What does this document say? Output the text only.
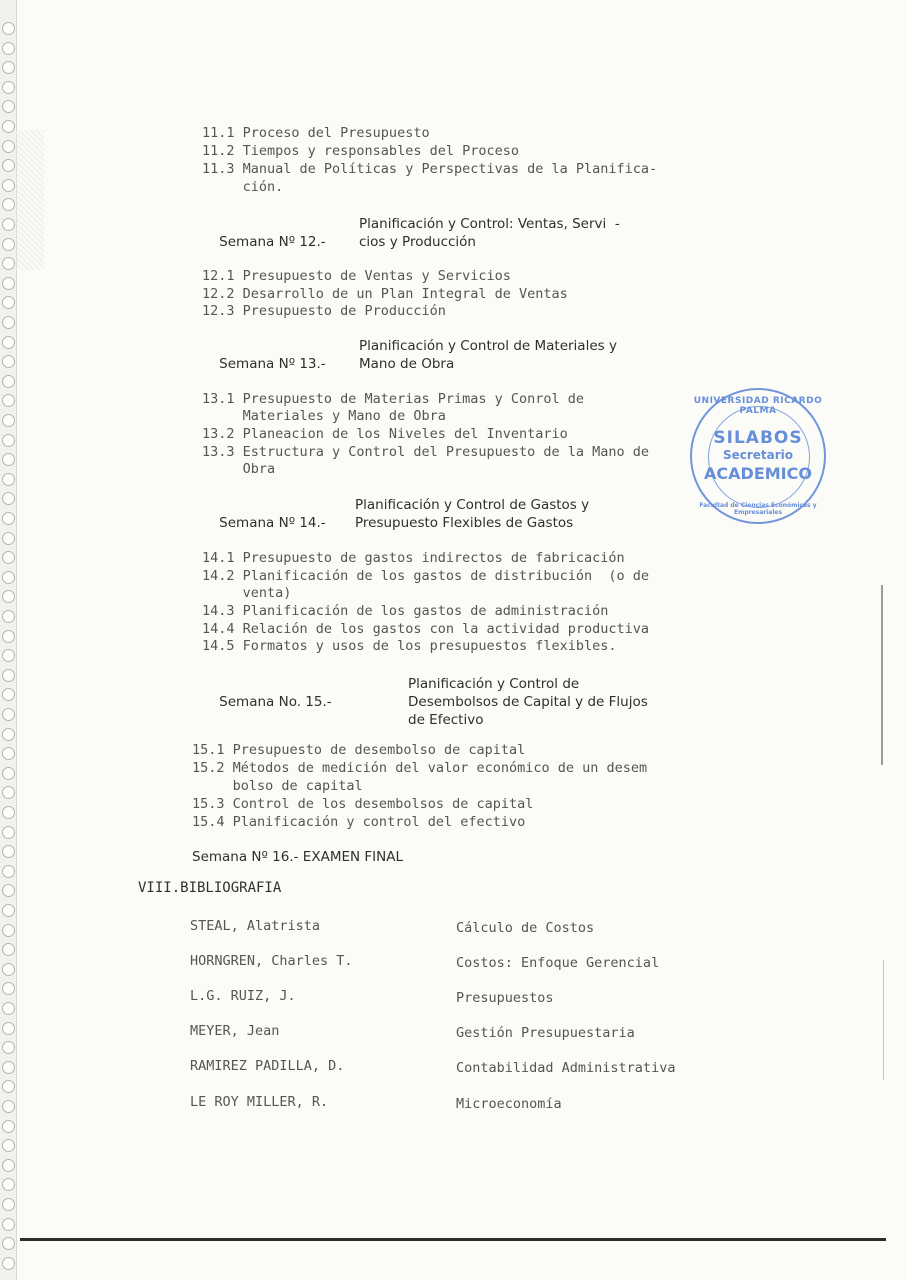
11.1 Proceso del Presupuesto
11.2 Tiempos y responsables del Proceso
11.3 Manual de Políticas y Perspectivas de la Planifica-
ción.

Semana Nº 12.-

Planificación y Control: Ventas, Servi  -
cios y Producción
12.1 Presupuesto de Ventas y Servicios
12.2 Desarrollo de un Plan Integral de Ventas
12.3 Presupuesto de Producción

Semana Nº 13.-

Planificación y Control de Materiales y
Mano de Obra
13.1 Presupuesto de Materias Primas y Conrol de
Materiales y Mano de Obra
13.2 Planeacion de los Niveles del Inventario
13.3 Estructura y Control del Presupuesto de la Mano de
Obra

Semana Nº 14.-

Planificación y Control de Gastos y
Presupuesto Flexibles de Gastos
14.1 Presupuesto de gastos indirectos de fabricación
14.2 Planificación de los gastos de distribución  (o de
venta)
14.3 Planificación de los gastos de administración
14.4 Relación de los gastos con la actividad productiva
14.5 Formatos y usos de los presupuestos flexibles.

Semana No. 15.-

Planificación y Control de
Desembolsos de Capital y de Flujos
de Efectivo
15.1 Presupuesto de desembolso de capital
15.2 Métodos de medición del valor económico de un desem
bolso de capital
15.3 Control de los desembolsos de capital
15.4 Planificación y control del efectivo
Semana Nº 16.- EXAMEN FINAL
VIII.BIBLIOGRAFIA
STEAL, Alatrista	Cálculo de Costos
HORNGREN, Charles T.	Costos: Enfoque Gerencial
L.G. RUIZ, J.	Presupuestos
MEYER, Jean	Gestión Presupuestaria
RAMIREZ PADILLA, D.	Contabilidad Administrativa
LE ROY MILLER, R.	Microeconomía
UNIVERSIDAD RICARDO PALMA
SILABOS
Secretario
ACADEMICO
Facultad de Ciencias Económicas y Empresariales
